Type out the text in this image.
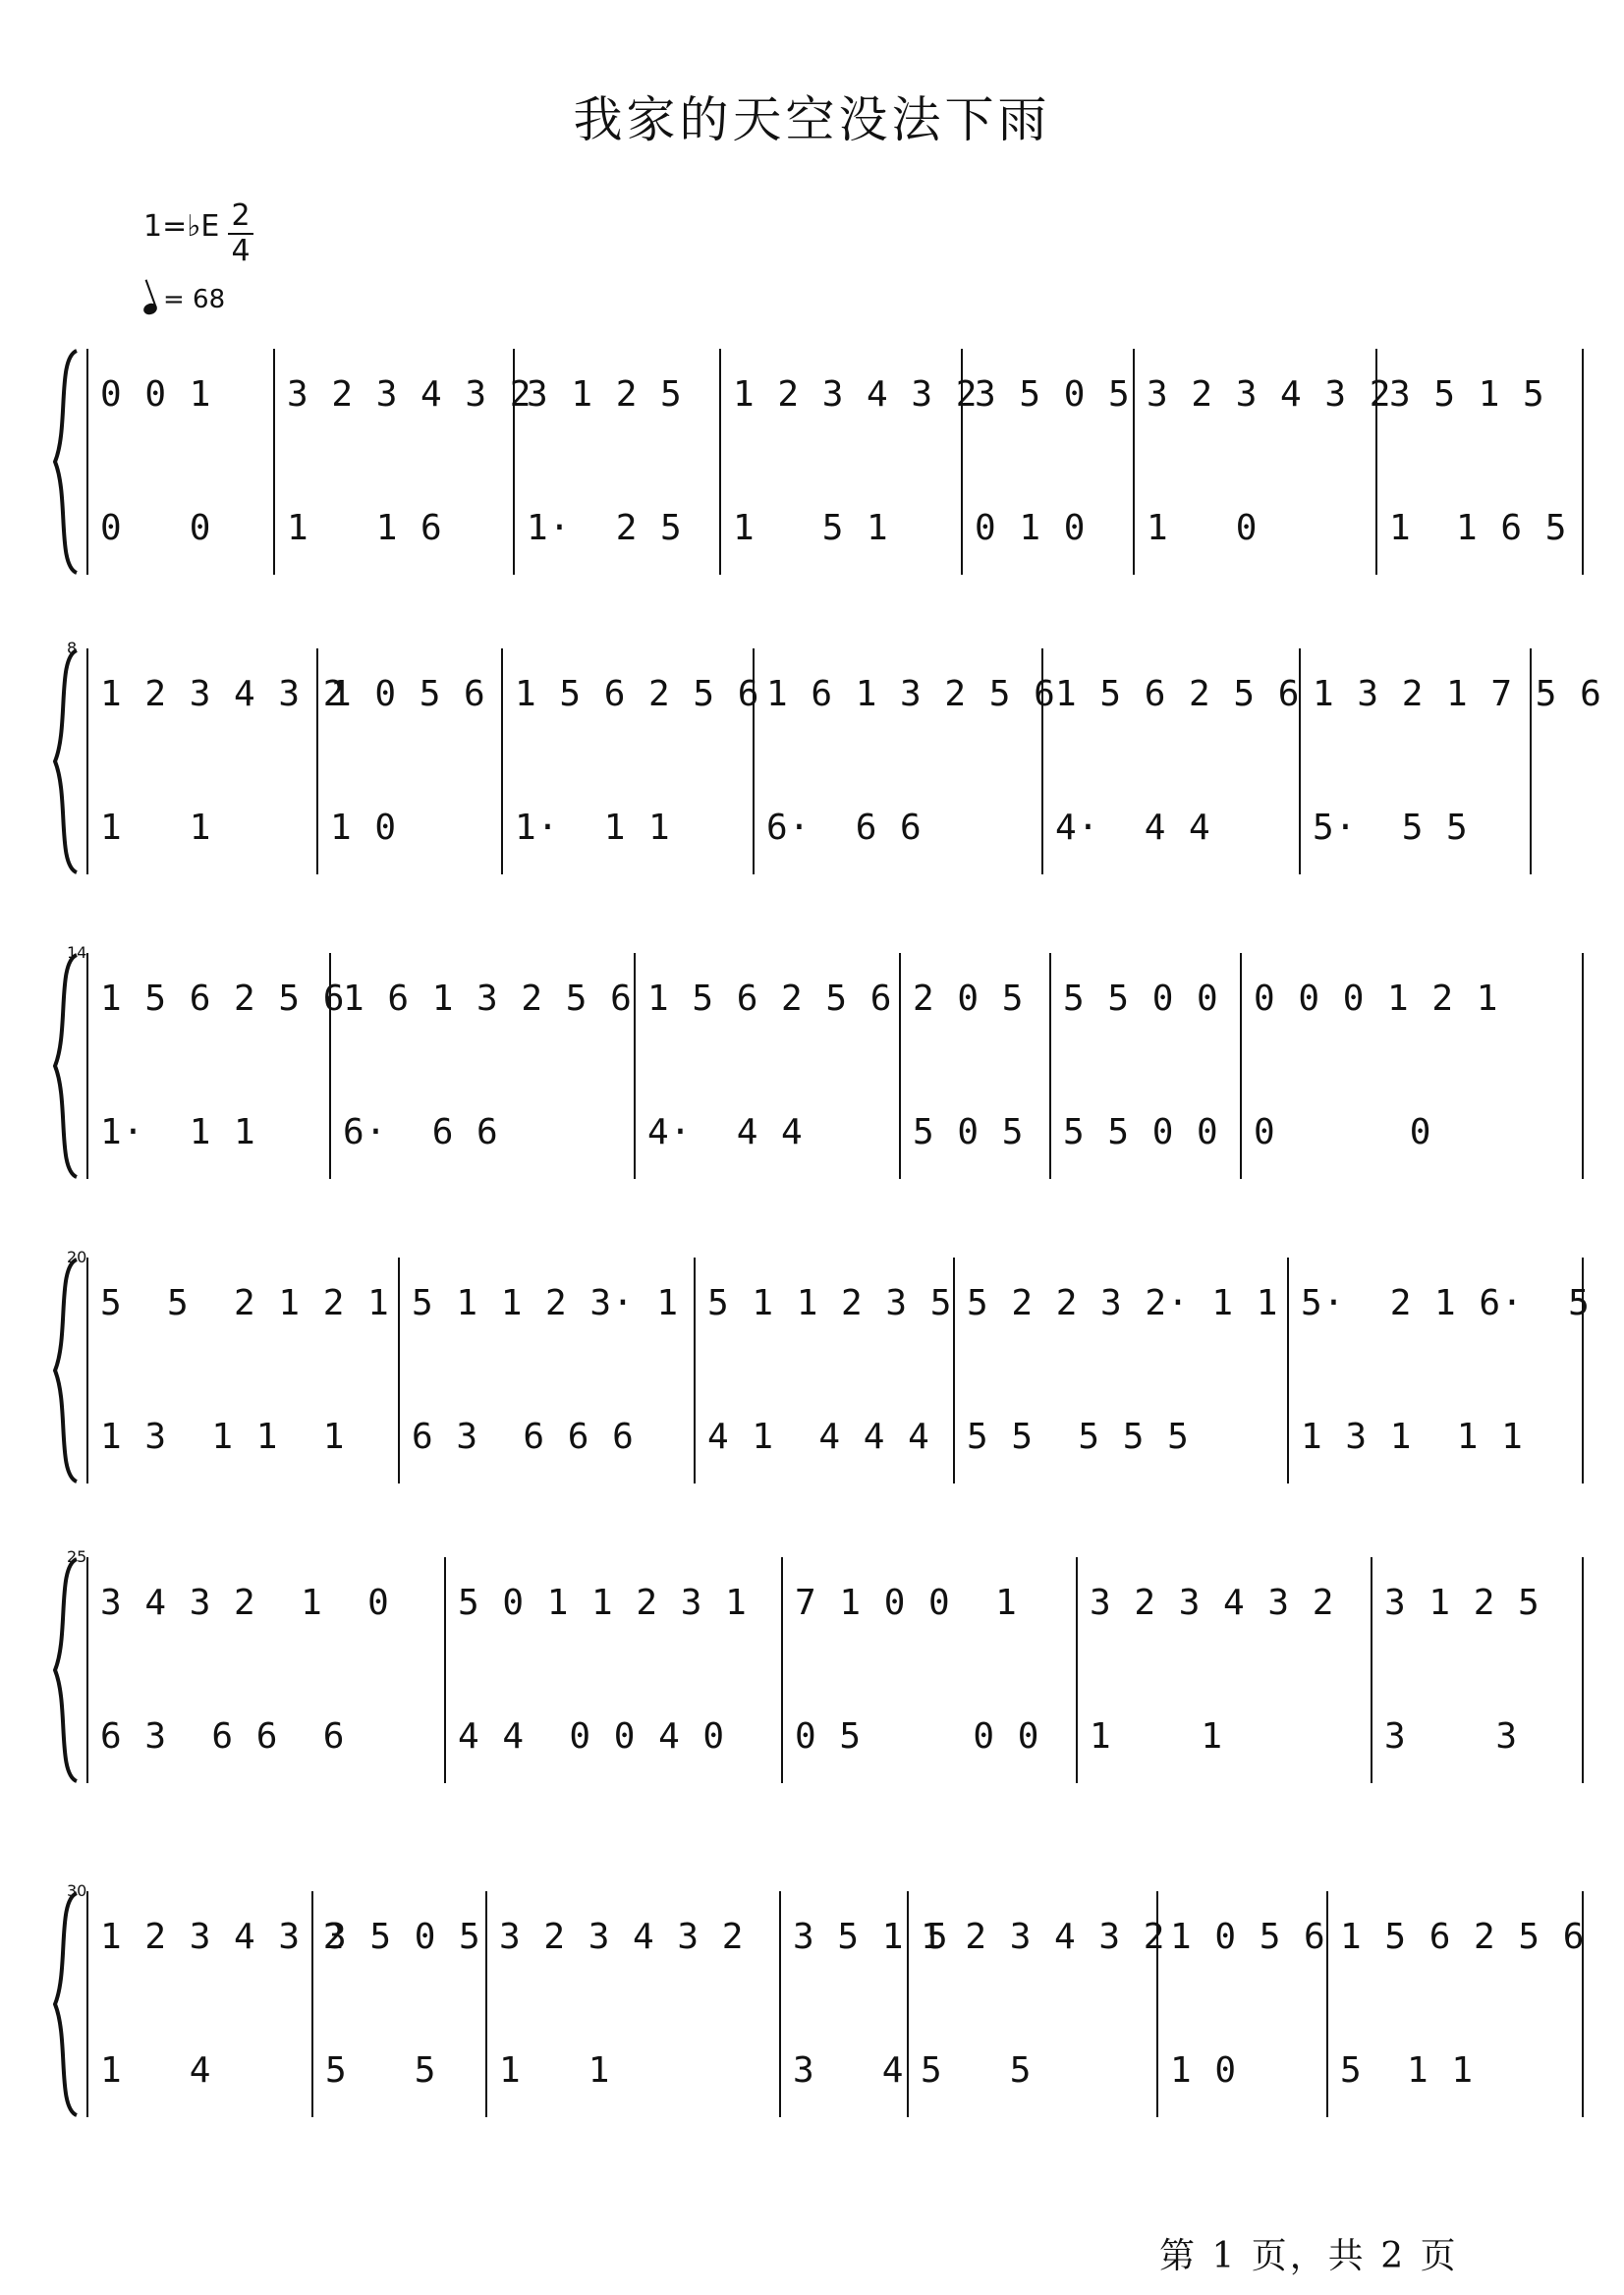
我家的天空没法下雨
1=♭E 2
4
= 68
0 0 1
0   0
3 2 3 4 3 2
1   1 6
3 1 2 5
1·  2 5
1 2 3 4 3 2
1   5 1
3 5 0 5
0 1 0
3 2 3 4 3 2
1   0
3 5 1 5
1  1 6 5
8
1 2 3 4 3 2
1   1
1 0 5 6
1 0
1 5 6 2 5 6
1·  1 1
1 6 1 3 2 5 6
6·  6 6
1 5 6 2 5 6
4·  4 4
1 3 2 1 7 5 6
5·  5 5
14
1 5 6 2 5 6
1·  1 1
1 6 1 3 2 5 6
6·  6 6
1 5 6 2 5 6
4·  4 4
2 0 5
5 0 5
5 5 0 0
5 5 0 0
0 0 0 1 2 1
0      0
20
5  5  2 1 2 1
1 3  1 1  1
5 1 1 2 3· 1
6 3  6 6 6
5 1 1 2 3 5
4 1  4 4 4
5 2 2 3 2· 1 1
5 5  5 5 5
5·  2 1 6·  5
1 3 1  1 1
25
3 4 3 2  1  0
6 3  6 6  6
5 0 1 1 2 3 1
4 4  0 0 4 0
7 1 0 0  1
0 5     0 0
3 2 3 4 3 2
1    1
3 1 2 5
3    3
30
1 2 3 4 3 2
1   4
3 5 0 5
5   5
3 2 3 4 3 2
1   1
3 5 1 5
3   4
1 2 3 4 3 2
5   5
1 0 5 6
1 0
1 5 6 2 5 6
5  1 1
第 1 页，共 2 页
